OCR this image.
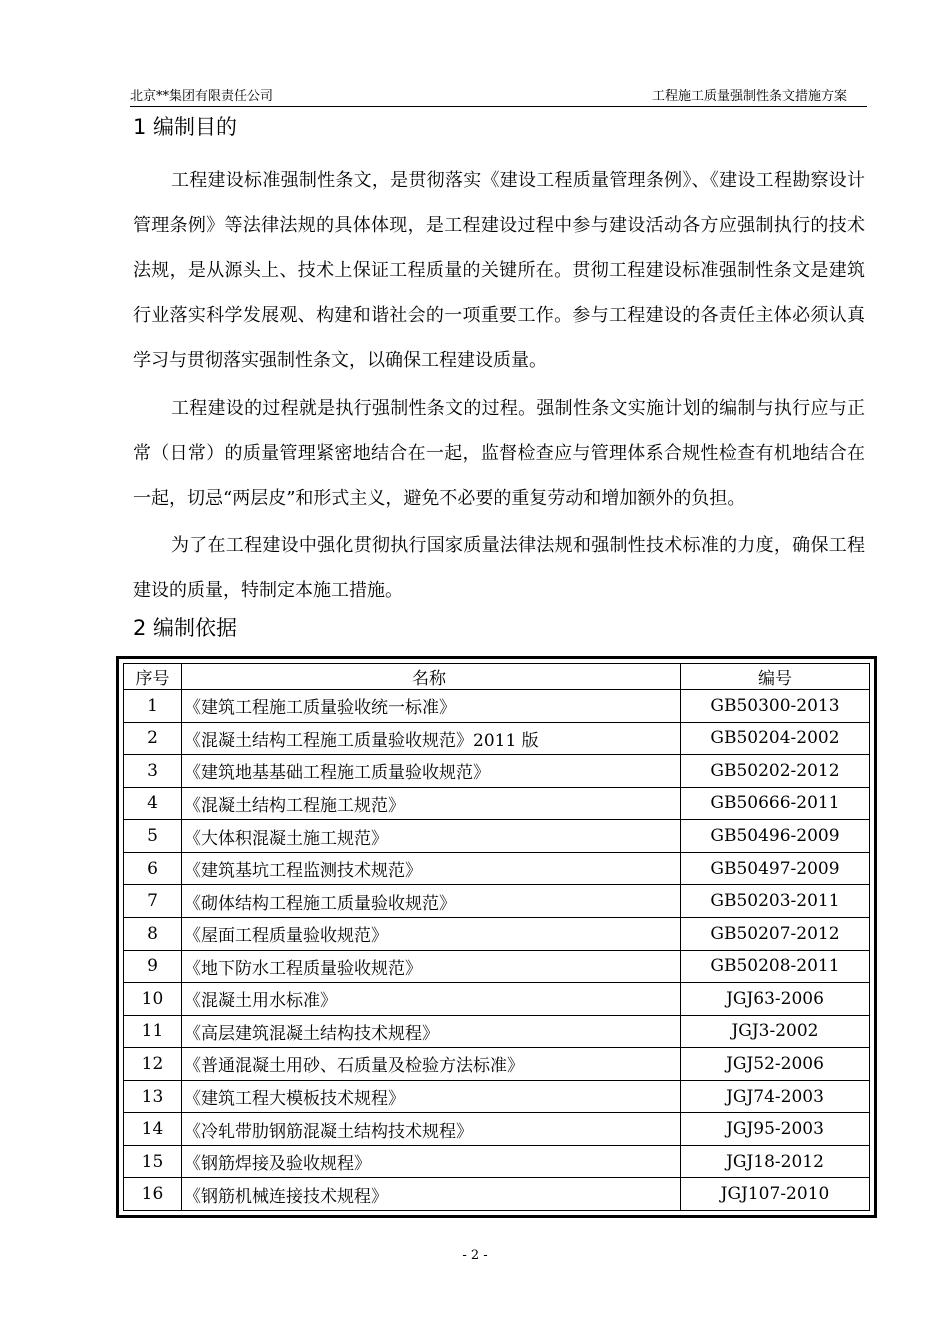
北京**集团有限责任公司	工程施工质量强制性条文措施方案
1 编制目的

工程建设标准强制性条文，是贯彻落实《建设工程质量管理条例》、《建设工程勘察设计管理条例》等法律法规的具体体现，是工程建设过程中参与建设活动各方应强制执行的技术法规，是从源头上、技术上保证工程质量的关键所在。贯彻工程建设标准强制性条文是建筑行业落实科学发展观、构建和谐社会的一项重要工作。参与工程建设的各责任主体必须认真学习与贯彻落实强制性条文，以确保工程建设质量。

工程建设的过程就是执行强制性条文的过程。强制性条文实施计划的编制与执行应与正常（日常）的质量管理紧密地结合在一起，监督检查应与管理体系合规性检查有机地结合在一起，切忌“两层皮”和形式主义，避免不必要的重复劳动和增加额外的负担。

为了在工程建设中强化贯彻执行国家质量法律法规和强制性技术标准的力度，确保工程建设的质量，特制定本施工措施。

2 编制依据
序号	名称	编号
1	《建筑工程施工质量验收统一标准》	GB50300-2013
2	《混凝土结构工程施工质量验收规范》2011 版	GB50204-2002
3	《建筑地基基础工程施工质量验收规范》	GB50202-2012
4	《混凝土结构工程施工规范》	GB50666-2011
5	《大体积混凝土施工规范》	GB50496-2009
6	《建筑基坑工程监测技术规范》	GB50497-2009
7	《砌体结构工程施工质量验收规范》	GB50203-2011
8	《屋面工程质量验收规范》	GB50207-2012
9	《地下防水工程质量验收规范》	GB50208-2011
10	《混凝土用水标准》	JGJ63-2006
11	《高层建筑混凝土结构技术规程》	JGJ3-2002
12	《普通混凝土用砂、石质量及检验方法标准》	JGJ52-2006
13	《建筑工程大模板技术规程》	JGJ74-2003
14	《冷轧带肋钢筋混凝土结构技术规程》	JGJ95-2003
15	《钢筋焊接及验收规程》	JGJ18-2012
16	《钢筋机械连接技术规程》	JGJ107-2010
- 2 -
